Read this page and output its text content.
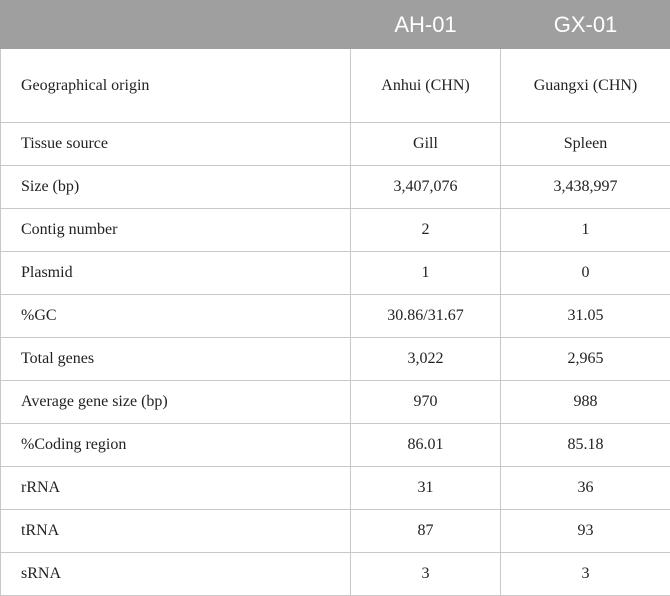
	AH-01	GX-01
Geographical origin	Anhui (CHN)	Guangxi (CHN)
Tissue source	Gill	Spleen
Size (bp)	3,407,076	3,438,997
Contig number	2	1
Plasmid	1	0
%GC	30.86/31.67	31.05
Total genes	3,022	2,965
Average gene size (bp)	970	988
%Coding region	86.01	85.18
rRNA	31	36
tRNA	87	93
sRNA	3	3
